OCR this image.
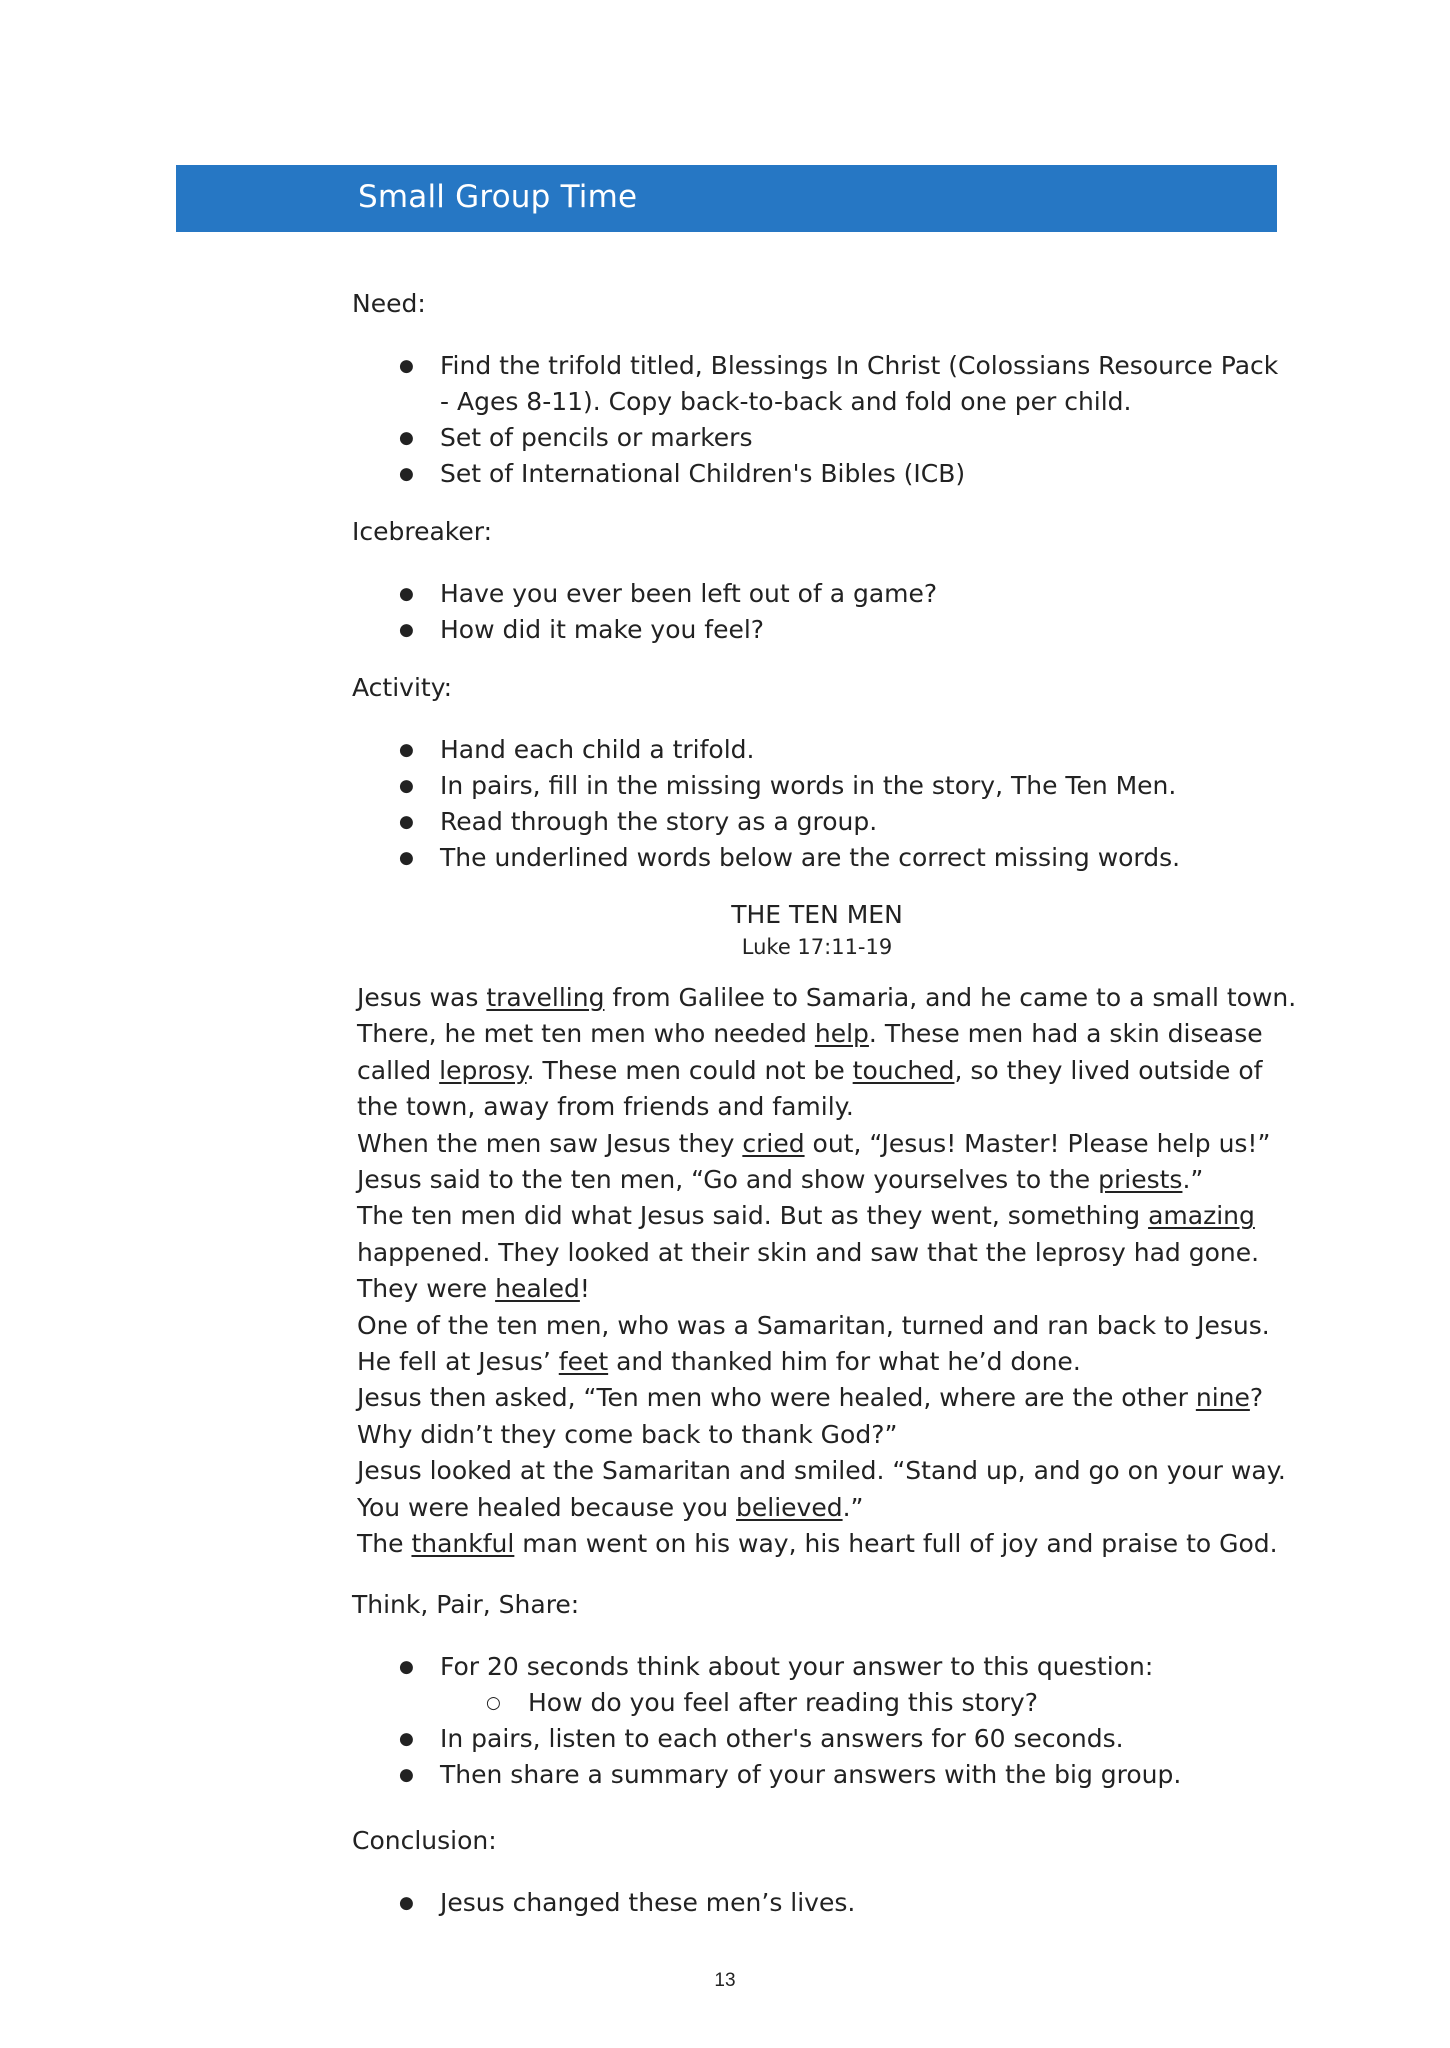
Small Group Time

Need:

● Find the trifold titled, Blessings In Christ (Colossians Resource Pack - Ages 8-11). Copy back-to-back and fold one per child.
● Set of pencils or markers
● Set of International Children's Bibles (ICB)

Icebreaker:

● Have you ever been left out of a game?
● How did it make you feel?

Activity:

● Hand each child a trifold.
● In pairs, fill in the missing words in the story, The Ten Men.
● Read through the story as a group.
● The underlined words below are the correct missing words.
THE TEN MEN
Luke 17:11-19
Jesus was travelling from Galilee to Samaria, and he came to a small town.
There, he met ten men who needed help. These men had a skin disease
called leprosy. These men could not be touched, so they lived outside of
the town, away from friends and family.
When the men saw Jesus they cried out, “Jesus! Master! Please help us!”
Jesus said to the ten men, “Go and show yourselves to the priests.”
The ten men did what Jesus said. But as they went, something amazing
happened. They looked at their skin and saw that the leprosy had gone.
They were healed!
One of the ten men, who was a Samaritan, turned and ran back to Jesus.
He fell at Jesus’ feet and thanked him for what he’d done.
Jesus then asked, “Ten men who were healed, where are the other nine?
Why didn’t they come back to thank God?”
Jesus looked at the Samaritan and smiled. “Stand up, and go on your way.
You were healed because you believed.”
The thankful man went on his way, his heart full of joy and praise to God.

Think, Pair, Share:

● For 20 seconds think about your answer to this question:
○ How do you feel after reading this story?
● In pairs, listen to each other's answers for 60 seconds.
● Then share a summary of your answers with the big group.

Conclusion:

● Jesus changed these men’s lives.
13
